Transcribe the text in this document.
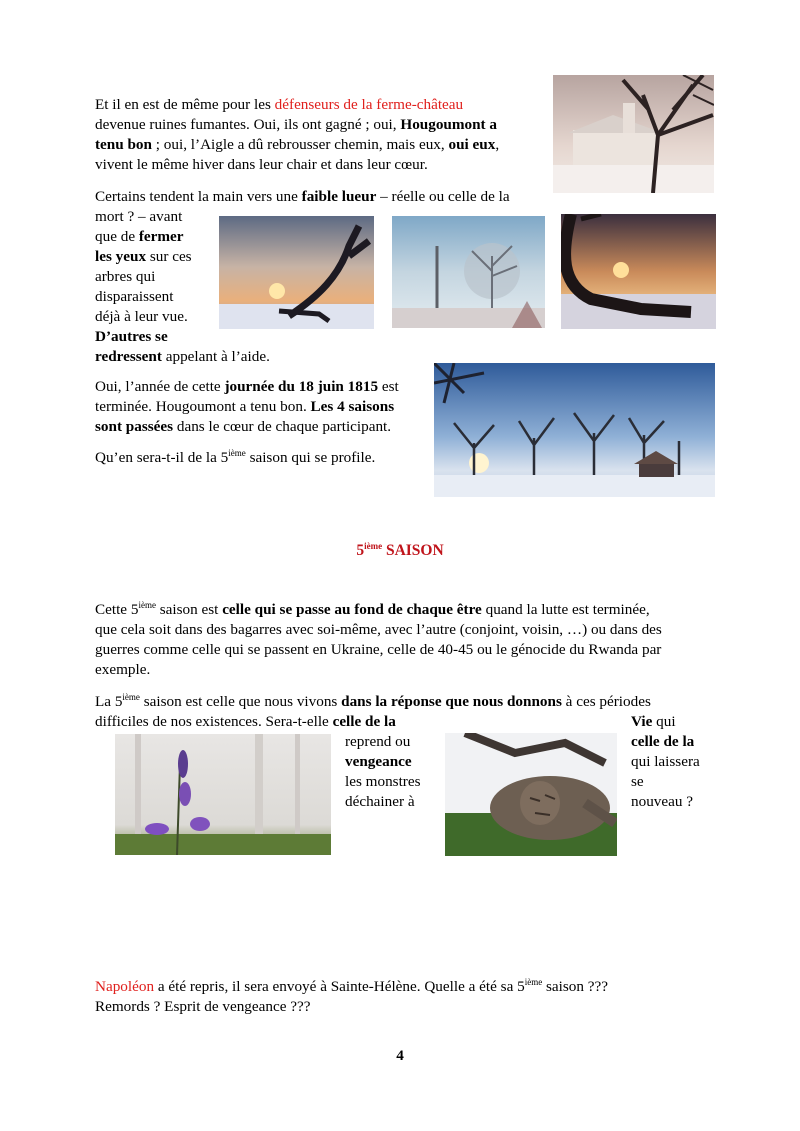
Et il en est de même pour les défenseurs de la ferme-château
devenue ruines fumantes. Oui, ils ont gagné ; oui, Hougoumont a
tenu bon ; oui, l’Aigle a dû rebrousser chemin, mais eux, oui eux,
vivent le même hiver dans leur chair et dans leur cœur.
Certains tendent la main vers une faible lueur – réelle ou celle de la
mort ? – avant
que de fermer
les yeux sur ces
arbres qui
disparaissent
déjà à leur vue.
D’autres se
redressent appelant à l’aide.
Oui, l’année de cette journée du 18 juin 1815 est
terminée. Hougoumont a tenu bon. Les 4 saisons
sont passées dans le cœur de chaque participant.
Qu’en sera-t-il de la 5ième saison qui se profile.
5ième SAISON
Cette 5ième saison est celle qui se passe au fond de chaque être quand la lutte est terminée,
que cela soit dans des bagarres avec soi-même, avec l’autre (conjoint, voisin, …) ou dans des
guerres comme celle qui se passent en Ukraine, celle de 40-45 ou le génocide du Rwanda par
exemple.
La 5ième saison est celle que nous vivons dans la réponse que nous donnons à ces périodes
difficiles de nos existences. Sera-t-elle celle de la	Vie qui
celle de la
qui laissera
se
nouveau ?
reprend ou
vengeance
les monstres
déchainer à
Napoléon a été repris, il sera envoyé à Sainte-Hélène. Quelle a été sa 5ième saison ???
Remords ? Esprit de vengeance ???
4
